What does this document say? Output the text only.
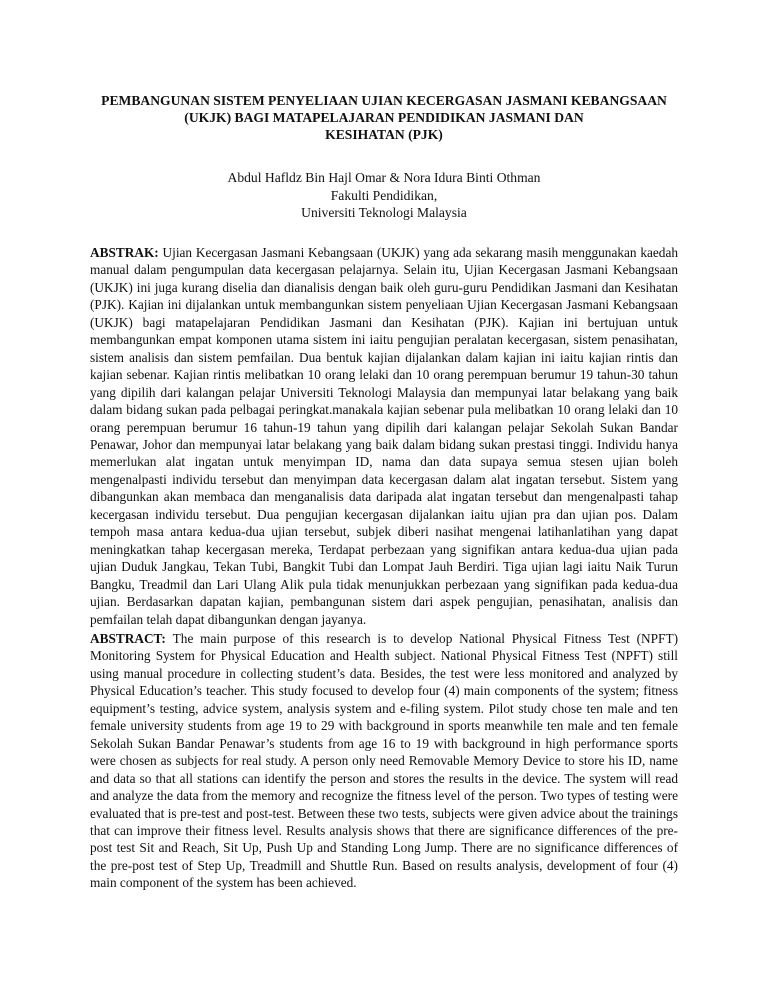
PEMBANGUNAN SISTEM PENYELIAAN UJIAN KECERGASAN JASMANI KEBANGSAAN
(UKJK) BAGI MATAPELAJARAN PENDIDIKAN JASMANI DAN
KESIHATAN (PJK)
Abdul Hafldz Bin Hajl Omar & Nora Idura Binti Othman
Fakulti Pendidikan,
Universiti Teknologi Malaysia
ABSTRAK: Ujian Kecergasan Jasmani Kebangsaan (UKJK) yang ada sekarang masih menggunakan kaedah manual dalam pengumpulan data kecergasan pelajarnya. Selain itu, Ujian Kecergasan Jasmani Kebangsaan (UKJK) ini juga kurang diselia dan dianalisis dengan baik oleh guru-guru Pendidikan Jasmani dan Kesihatan (PJK). Kajian ini dijalankan untuk membangunkan sistem penyeliaan Ujian Kecergasan Jasmani Kebangsaan (UKJK) bagi matapelajaran Pendidikan Jasmani dan Kesihatan (PJK). Kajian ini bertujuan untuk membangunkan empat komponen utama sistem ini iaitu pengujian peralatan kecergasan, sistem penasihatan, sistem analisis dan sistem pemfailan. Dua bentuk kajian dijalankan dalam kajian ini iaitu kajian rintis dan kajian sebenar. Kajian rintis melibatkan 10 orang lelaki dan 10 orang perempuan berumur 19 tahun-30 tahun yang dipilih dari kalangan pelajar Universiti Teknologi Malaysia dan mempunyai latar belakang yang baik dalam bidang sukan pada pelbagai peringkat.manakala kajian sebenar pula melibatkan 10 orang lelaki dan 10 orang perempuan berumur 16 tahun-19 tahun yang dipilih dari kalangan pelajar Sekolah Sukan Bandar Penawar, Johor dan mempunyai latar belakang yang baik dalam bidang sukan prestasi tinggi. Individu hanya memerlukan alat ingatan untuk menyimpan ID, nama dan data supaya semua stesen ujian boleh mengenalpasti individu tersebut dan menyimpan data kecergasan dalam alat ingatan tersebut. Sistem yang dibangunkan akan membaca dan menganalisis data daripada alat ingatan tersebut dan mengenalpasti tahap kecergasan individu tersebut. Dua pengujian kecergasan dijalankan iaitu ujian pra dan ujian pos. Dalam tempoh masa antara kedua-dua ujian tersebut, subjek diberi nasihat mengenai latihanlatihan yang dapat meningkatkan tahap kecergasan mereka, Terdapat perbezaan yang signifikan antara kedua-dua ujian pada ujian Duduk Jangkau, Tekan Tubi, Bangkit Tubi dan Lompat Jauh Berdiri. Tiga ujian lagi iaitu Naik Turun Bangku, Treadmil dan Lari Ulang Alik pula tidak menunjukkan perbezaan yang signifikan pada kedua-dua ujian. Berdasarkan dapatan kajian, pembangunan sistem dari aspek pengujian, penasihatan, analisis dan pemfailan telah dapat dibangunkan dengan jayanya.
ABSTRACT: The main purpose of this research is to develop National Physical Fitness Test (NPFT) Monitoring System for Physical Education and Health subject. National Physical Fitness Test (NPFT) still using manual procedure in collecting student’s data. Besides, the test were less monitored and analyzed by Physical Education’s teacher. This study focused to develop four (4) main components of the system; fitness equipment’s testing, advice system, analysis system and e-filing system. Pilot study chose ten male and ten female university students from age 19 to 29 with background in sports meanwhile ten male and ten female Sekolah Sukan Bandar Penawar’s students from age 16 to 19 with background in high performance sports were chosen as subjects for real study. A person only need Removable Memory Device to store his ID, name and data so that all stations can identify the person and stores the results in the device. The system will read and analyze the data from the memory and recognize the fitness level of the person. Two types of testing were evaluated that is pre-test and post-test. Between these two tests, subjects were given advice about the trainings that can improve their fitness level. Results analysis shows that there are significance differences of the pre-post test Sit and Reach, Sit Up, Push Up and Standing Long Jump. There are no significance differences of the pre-post test of Step Up, Treadmill and Shuttle Run. Based on results analysis, development of four (4) main component of the system has been achieved.
